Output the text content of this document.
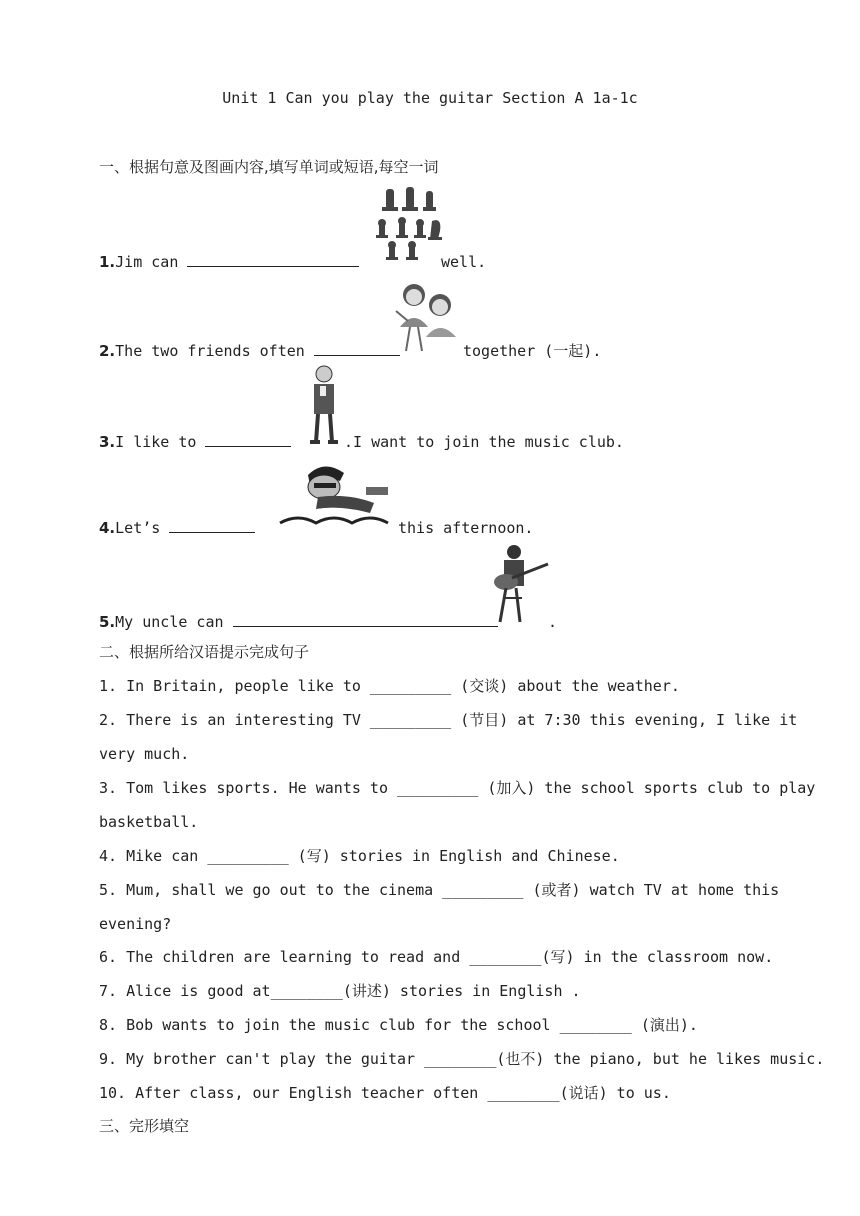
Unit 1 Can you play the guitar Section A 1a-1c
一、根据句意及图画内容,填写单词或短语,每空一词
1.Jim can	well.
2.The two friends often	together (一起).
3.I like to	.I want to join the music club.
4.Let’s	this afternoon.
5.My uncle can	.
二、根据所给汉语提示完成句子
1. In Britain, people like to _________ (交谈) about the weather.
2. There is an interesting TV _________ (节目) at 7:30 this evening, I like it
very much.
3. Tom likes sports. He wants to _________ (加入) the school sports club to play
basketball.
4. Mike can _________ (写) stories in English and Chinese.
5. Mum, shall we go out to the cinema _________ (或者) watch TV at home this
evening?
6. The children are learning to read and ________(写) in the classroom now.
7. Alice is good at________(讲述) stories in English .
8. Bob wants to join the music club for the school ________ (演出).
9. My brother can't play the guitar ________(也不) the piano, but he likes music.
10. After class, our English teacher often ________(说话) to us.
三、完形填空
